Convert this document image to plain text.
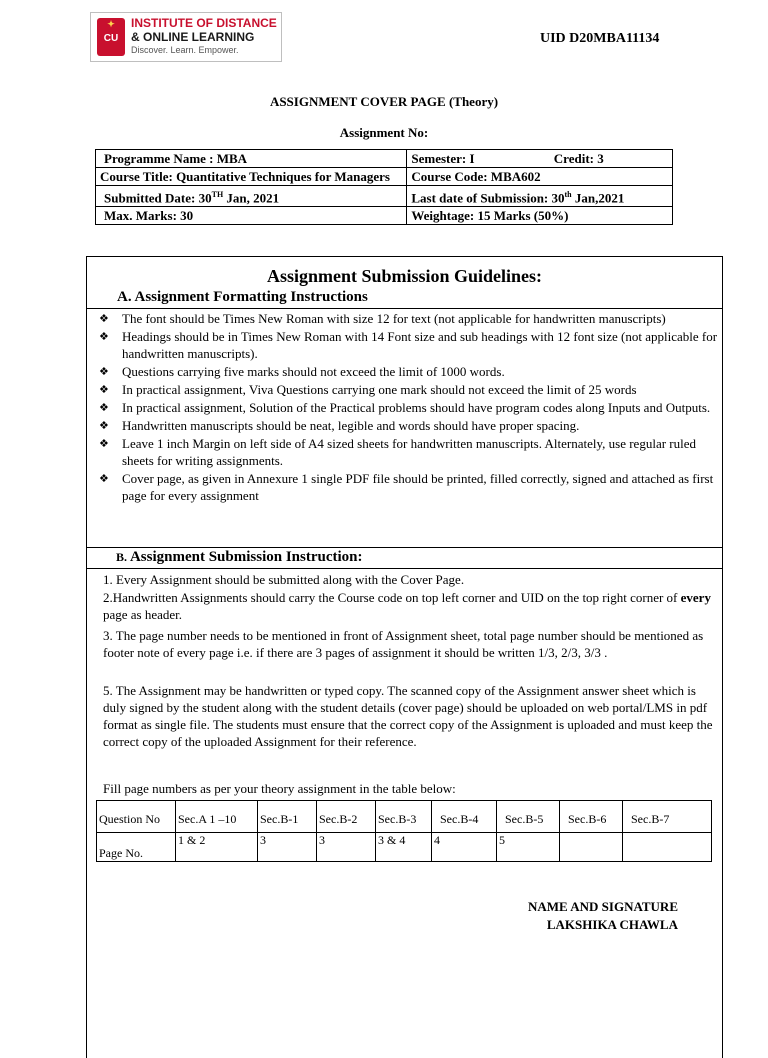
✦
CU
INSTITUTE OF DISTANCE
& ONLINE LEARNING
Discover. Learn. Empower.
UID D20MBA11134
ASSIGNMENT COVER PAGE (Theory)
Assignment No:
Programme Name : MBA	Semester: I Credit: 3
Course Title: Quantitative Techniques for Managers	Course Code: MBA602
Submitted Date: 30TH Jan, 2021	Last date of Submission: 30th Jan,2021
Max. Marks: 30	Weightage: 15 Marks (50%)
Assignment Submission Guidelines:
A. Assignment Formatting Instructions
❖ The font should be Times New Roman with size 12 for text (not applicable for handwritten manuscripts)
❖ Headings should be in Times New Roman with 14 Font size and sub headings with 12 font size (not applicable for handwritten manuscripts).
❖ Questions carrying five marks should not exceed the limit of 1000 words.
❖ In practical assignment, Viva Questions carrying one mark should not exceed the limit of 25 words
❖ In practical assignment, Solution of the Practical problems should have program codes along Inputs and Outputs.
❖ Handwritten manuscripts should be neat, legible and words should have proper spacing.
❖ Leave 1 inch Margin on left side of A4 sized sheets for handwritten manuscripts. Alternately, use regular ruled sheets for writing assignments.
❖ Cover page, as given in Annexure 1 single PDF file should be printed, filled correctly, signed and attached as first page for every assignment
B. Assignment Submission Instruction:
1. Every Assignment should be submitted along with the Cover Page.
2.Handwritten Assignments should carry the Course code on top left corner and UID on the top right corner of every page as header.
3. The page number needs to be mentioned in front of Assignment sheet, total page number should be mentioned as footer note of every page i.e. if there are 3 pages of assignment it should be written 1/3, 2/3, 3/3 .
5. The Assignment may be handwritten or typed copy. The scanned copy of the Assignment answer sheet which is duly signed by the student along with the student details (cover page) should be uploaded on web portal/LMS in pdf format as single file. The students must ensure that the correct copy of the Assignment is uploaded and must keep the correct copy of the uploaded Assignment for their reference.
Fill page numbers as per your theory assignment in the table below:
Question No	Sec.A 1 –10	Sec.B-1	Sec.B-2	Sec.B-3	Sec.B-4	Sec.B-5	Sec.B-6	Sec.B-7
Page No.	1 & 2	3	3	3 & 4	4	5		
NAME AND SIGNATURE
LAKSHIKA CHAWLA
